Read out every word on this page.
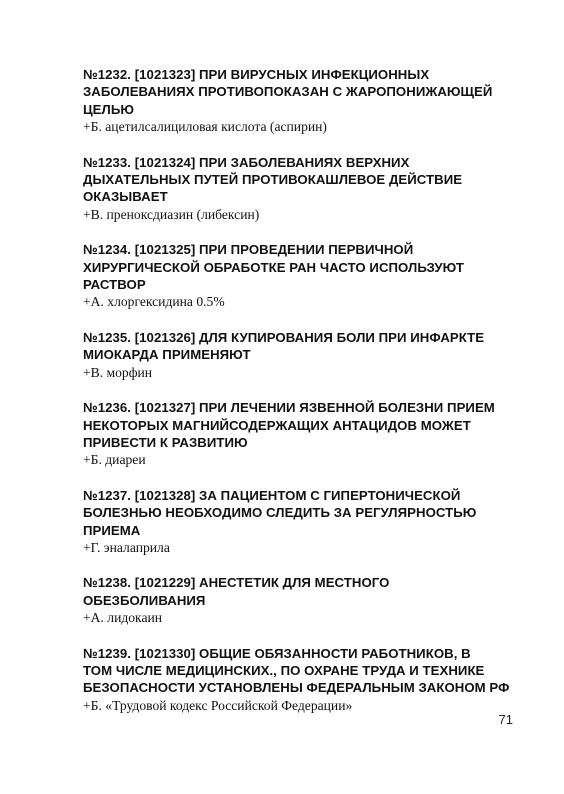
№1232. [1021323] ПРИ ВИРУСНЫХ ИНФЕКЦИОННЫХ
ЗАБОЛЕВАНИЯХ ПРОТИВОПОКАЗАН С ЖАРОПОНИЖАЮЩЕЙ
ЦЕЛЬЮ
+Б. ацетилсалициловая кислота (аспирин)
№1233. [1021324] ПРИ ЗАБОЛЕВАНИЯХ ВЕРХНИХ
ДЫХАТЕЛЬНЫХ ПУТЕЙ ПРОТИВОКАШЛЕВОЕ ДЕЙСТВИЕ
ОКАЗЫВАЕТ
+В. преноксдиазин (либексин)
№1234. [1021325] ПРИ ПРОВЕДЕНИИ ПЕРВИЧНОЙ
ХИРУРГИЧЕСКОЙ ОБРАБОТКЕ РАН ЧАСТО ИСПОЛЬЗУЮТ
РАСТВОР
+А. хлоргексидина 0.5%
№1235. [1021326] ДЛЯ КУПИРОВАНИЯ БОЛИ ПРИ ИНФАРКТЕ
МИОКАРДА ПРИМЕНЯЮТ
+В. морфин
№1236. [1021327] ПРИ ЛЕЧЕНИИ ЯЗВЕННОЙ БОЛЕЗНИ ПРИЕМ
НЕКОТОРЫХ МАГНИЙСОДЕРЖАЩИХ АНТАЦИДОВ МОЖЕТ
ПРИВЕСТИ К РАЗВИТИЮ
+Б. диареи
№1237. [1021328] ЗА ПАЦИЕНТОМ С ГИПЕРТОНИЧЕСКОЙ
БОЛЕЗНЬЮ НЕОБХОДИМО СЛЕДИТЬ ЗА РЕГУЛЯРНОСТЬЮ
ПРИЕМА
+Г. эналаприла
№1238. [1021229] АНЕСТЕТИК ДЛЯ МЕСТНОГО
ОБЕЗБОЛИВАНИЯ
+А. лидокаин
№1239. [1021330] ОБЩИЕ ОБЯЗАННОСТИ РАБОТНИКОВ, В
ТОМ ЧИСЛЕ МЕДИЦИНСКИХ., ПО ОХРАНЕ ТРУДА И ТЕХНИКЕ
БЕЗОПАСНОСТИ УСТАНОВЛЕНЫ ФЕДЕРАЛЬНЫМ ЗАКОНОМ РФ
+Б. «Трудовой кодекс Российской Федерации»
71
